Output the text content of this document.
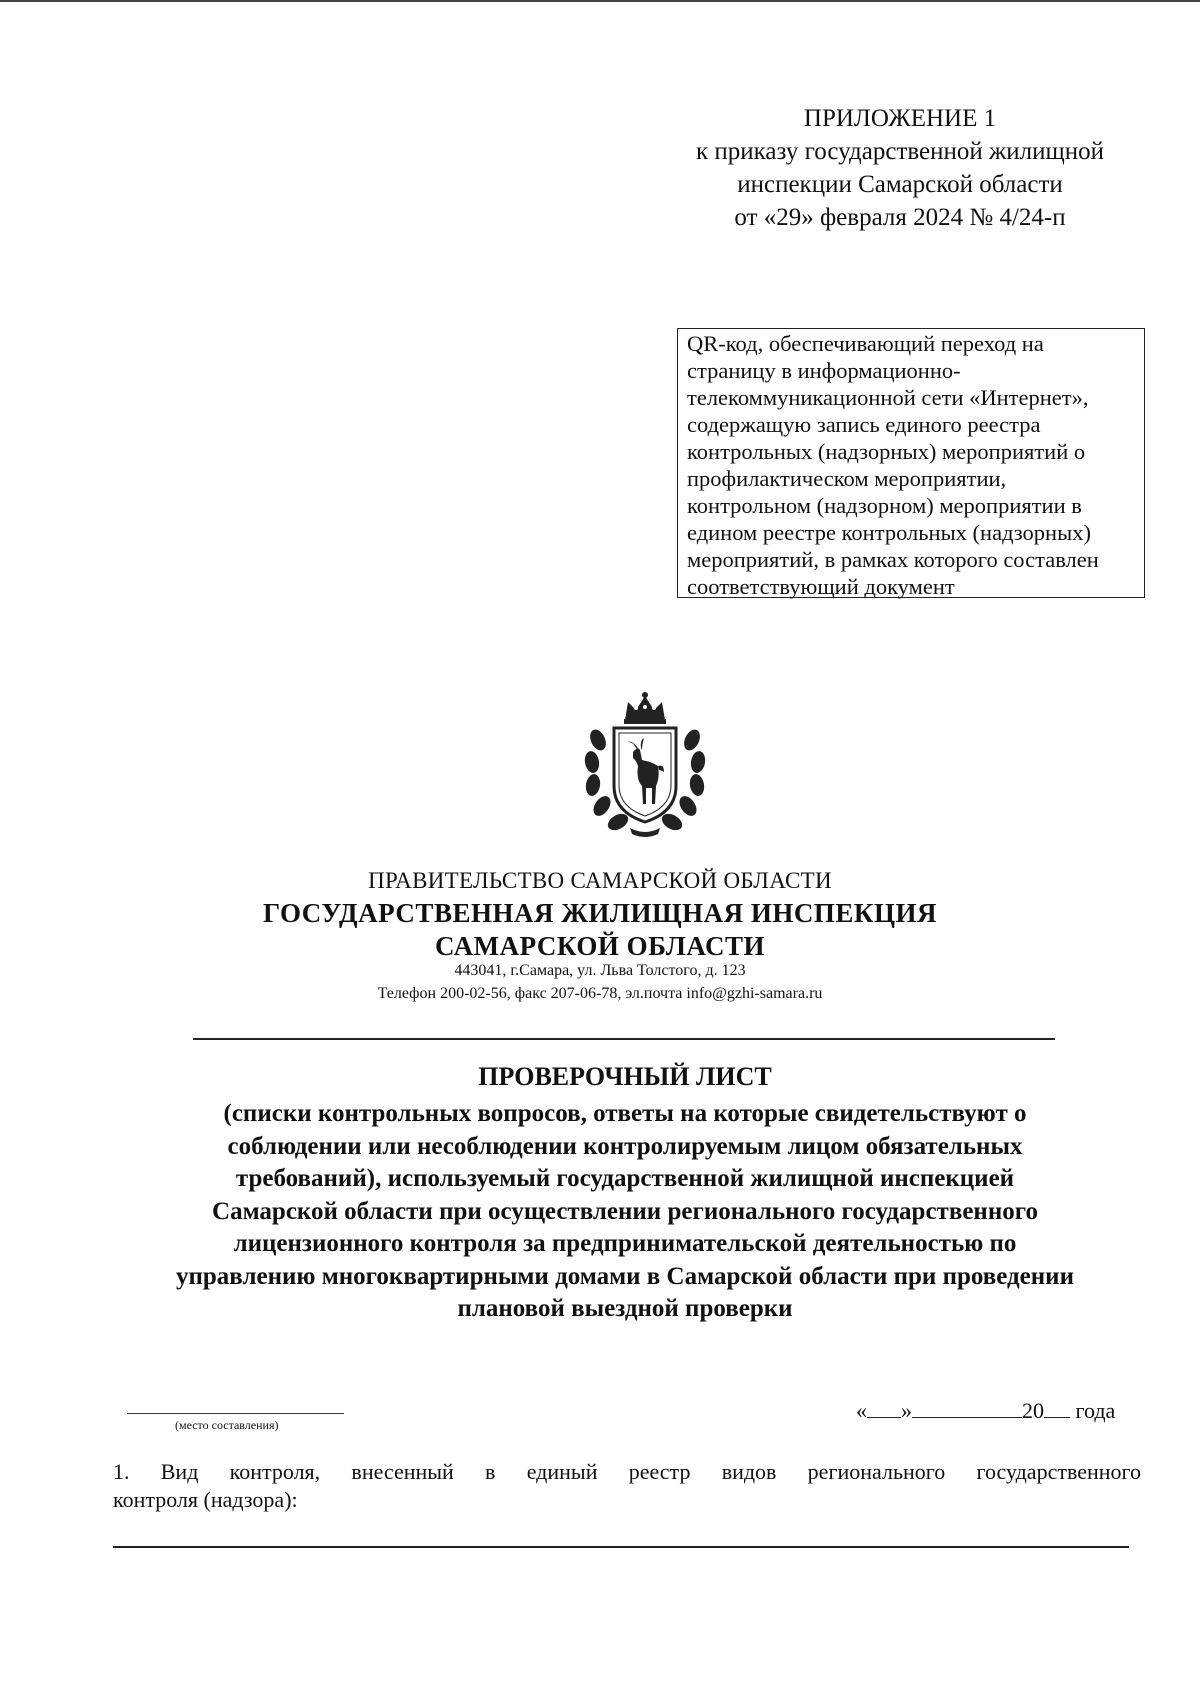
ПРИЛОЖЕНИЕ 1
к приказу государственной жилищной
инспекции Самарской области
от «29» февраля 2024 № 4/24-п
QR-код, обеспечивающий переход на
страницу в информационно-
телекоммуникационной сети «Интернет»,
содержащую запись единого реестра
контрольных (надзорных) мероприятий о
профилактическом мероприятии,
контрольном (надзорном) мероприятии в
едином реестре контрольных (надзорных)
мероприятий, в рамках которого составлен
соответствующий документ
ПРАВИТЕЛЬСТВО САМАРСКОЙ ОБЛАСТИ
ГОСУДАРСТВЕННАЯ ЖИЛИЩНАЯ ИНСПЕКЦИЯ
САМАРСКОЙ ОБЛАСТИ
443041, г.Самара, ул. Льва Толстого, д. 123
Телефон 200-02-56, факс 207-06-78, эл.почта info@gzhi-samara.ru
ПРОВЕРОЧНЫЙ ЛИСТ
(списки контрольных вопросов, ответы на которые свидетельствуют о
соблюдении или несоблюдении контролируемым лицом обязательных
требований), используемый государственной жилищной инспекцией
Самарской области при осуществлении регионального государственного
лицензионного контроля за предпринимательской деятельностью по
управлению многоквартирными домами в Самарской области при проведении
плановой выездной проверки
(место составления)
« »	20 года
1. Вид контроля, внесенный в единый реестр видов регионального государственного
контроля (надзора):
